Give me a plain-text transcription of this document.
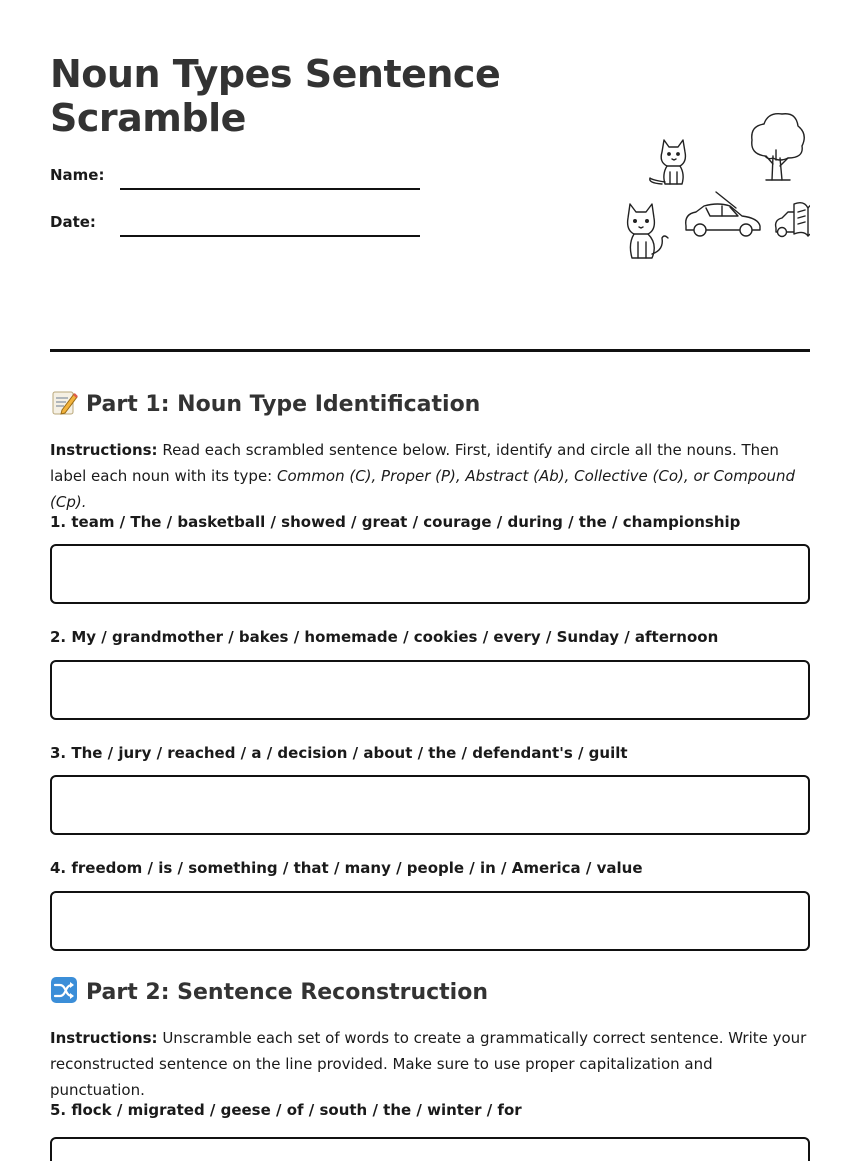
Noun Types Sentence Scramble
Name:
Date:
Part 1: Noun Type Identification

Instructions: Read each scrambled sentence below. First, identify and circle all the nouns. Then label each noun with its type: Common (C), Proper (P), Abstract (Ab), Collective (Co), or Compound (Cp).

1. team / The / basketball / showed / great / courage / during / the / championship
2. My / grandmother / bakes / homemade / cookies / every / Sunday / afternoon
3. The / jury / reached / a / decision / about / the / defendant's / guilt
4. freedom / is / something / that / many / people / in / America / value
Part 2: Sentence Reconstruction

Instructions: Unscramble each set of words to create a grammatically correct sentence. Write your reconstructed sentence on the line provided. Make sure to use proper capitalization and punctuation.

5. flock / migrated / geese / of / south / the / winter / for
